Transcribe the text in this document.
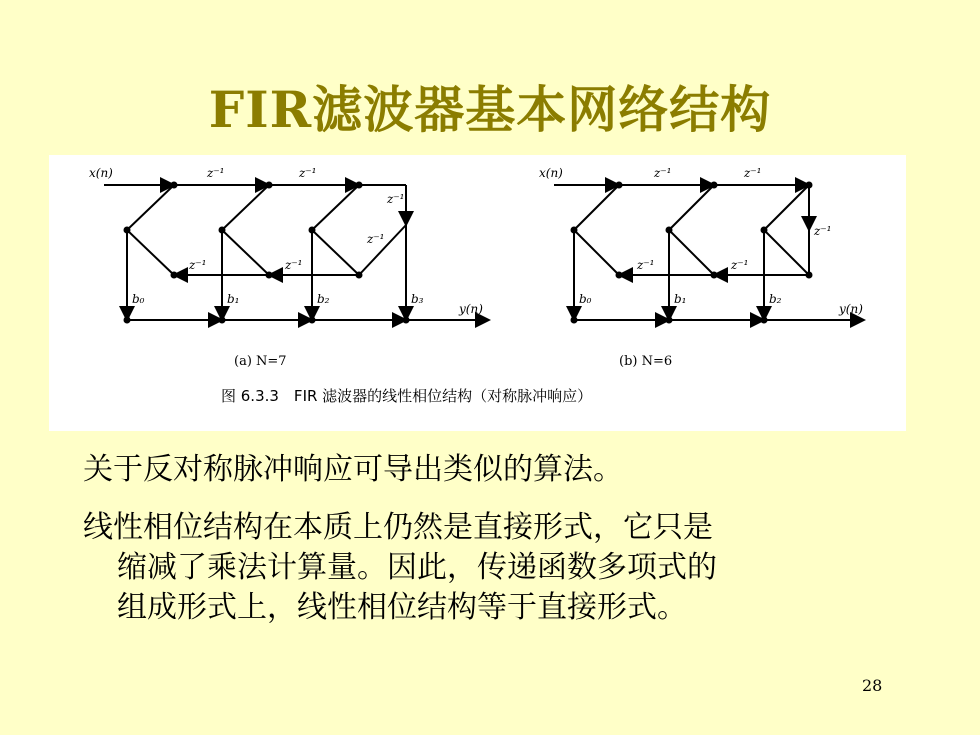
FIR滤波器基本网络结构
x(n)	z⁻¹	z⁻¹
z⁻¹
z⁻¹
z⁻¹
z⁻¹
b₀	b₁	b₂	b₃
y(n)
x(n)	z⁻¹	z⁻¹
z⁻¹
z⁻¹
z⁻¹
b₀	b₁	b₂
y(n)
(a) N=7	(b) N=6
图 6.3.3　FIR 滤波器的线性相位结构（对称脉冲响应）
关于反对称脉冲响应可导出类似的算法。
线性相位结构在本质上仍然是直接形式，它只是
缩减了乘法计算量。因此，传递函数多项式的
组成形式上，线性相位结构等于直接形式。
28
